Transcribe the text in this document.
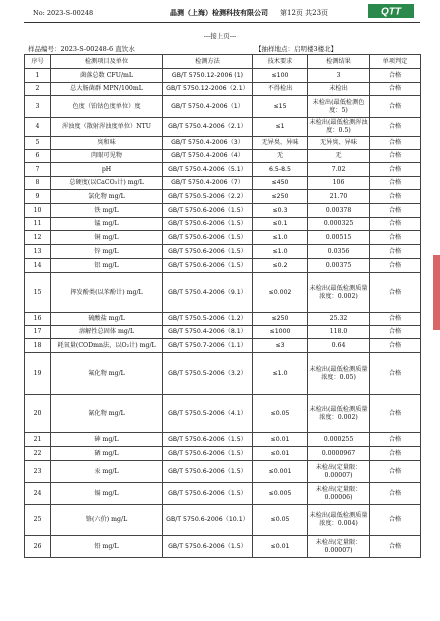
No: 2023-S-00248	晶测（上海）检测科技有限公司 第12页 共23页	QTT
---接上页---
样品编号：2023-S-00248-6 直饮水	【抽样地点：启明楼3楼北】
序号	检测项目及单位	检测方法	技术要求	检测结果	单项判定
1	菌落总数 CFU/mL	GB/T 5750.12-2006 (1)	≤100	3	合格
2	总大肠菌群 MPN/100mL	GB/T 5750.12-2006（2.1）	不得检出	未检出	合格
3	色度（铂钴色度单位）度	GB/T 5750.4-2006（1）	≤15	未检出(最低检测色度：5)	合格
4	浑浊度（散射浑浊度单位）NTU	GB/T 5750.4-2006（2.1）	≤1	未检出(最低检测浑浊度：0.5)	合格
5	臭和味	GB/T 5750.4-2006（3）	无异臭、异味	无异臭、异味	合格
6	肉眼可见物	GB/T 5750.4-2006（4）	无	无	合格
7	pH	GB/T 5750.4-2006（5.1）	6.5-8.5	7.02	合格
8	总硬度(以CaCO₃计) mg/L	GB/T 5750.4-2006（7）	≤450	106	合格
9	氯化物 mg/L	GB/T 5750.5-2006（2.2）	≤250	21.70	合格
10	铁 mg/L	GB/T 5750.6-2006（1.5）	≤0.3	0.00378	合格
11	锰 mg/L	GB/T 5750.6-2006（1.5）	≤0.1	0.000325	合格
12	铜 mg/L	GB/T 5750.6-2006（1.5）	≤1.0	0.00515	合格
13	锌 mg/L	GB/T 5750.6-2006（1.5）	≤1.0	0.0356	合格
14	铝 mg/L	GB/T 5750.6-2006（1.5）	≤0.2	0.00375	合格
15	挥发酚类(以苯酚计) mg/L	GB/T 5750.4-2006（9.1）	≤0.002	未检出(最低检测质量浓度：0.002)	合格
16	硫酸盐 mg/L	GB/T 5750.5-2006（1.2）	≤250	25.32	合格
17	溶解性总固体 mg/L	GB/T 5750.4-2006（8.1）	≤1000	118.0	合格
18	耗氧量(CODmn法，以O₂计) mg/L	GB/T 5750.7-2006（1.1）	≤3	0.64	合格
19	氟化物 mg/L	GB/T 5750.5-2006（3.2）	≤1.0	未检出(最低检测质量浓度：0.05)	合格
20	氰化物 mg/L	GB/T 5750.5-2006（4.1）	≤0.05	未检出(最低检测质量浓度：0.002)	合格
21	砷 mg/L	GB/T 5750.6-2006（1.5）	≤0.01	0.000255	合格
22	硒 mg/L	GB/T 5750.6-2006（1.5）	≤0.01	0.0000967	合格
23	汞 mg/L	GB/T 5750.6-2006（1.5）	≤0.001	未检出(定量限：0.00007)	合格
24	镉 mg/L	GB/T 5750.6-2006（1.5）	≤0.005	未检出(定量限：0.00006)	合格
25	铬(六价) mg/L	GB/T 5750.6-2006（10.1）	≤0.05	未检出(最低检测质量浓度：0.004)	合格
26	铅 mg/L	GB/T 5750.6-2006（1.5）	≤0.01	未检出(定量限：0.00007)	合格
